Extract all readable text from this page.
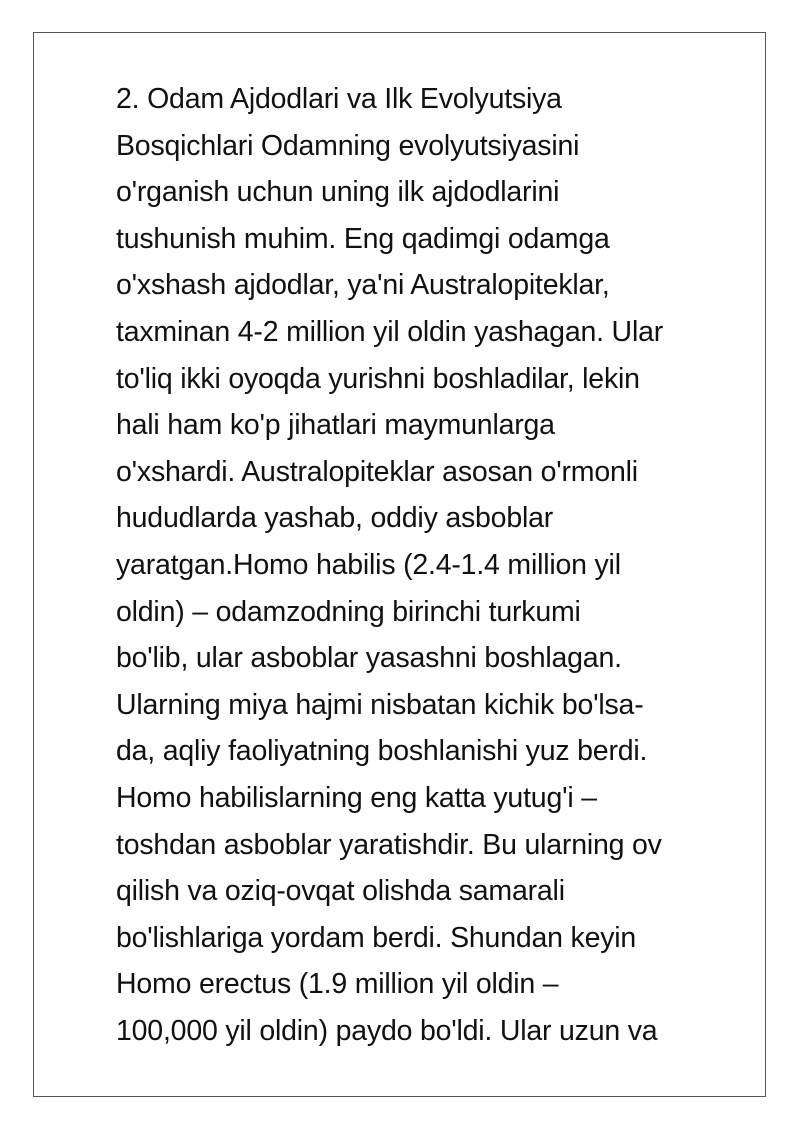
2. Odam Ajdodlari va Ilk Evolyutsiya
Bosqichlari Odamning evolyutsiyasini
o'rganish uchun uning ilk ajdodlarini
tushunish muhim. Eng qadimgi odamga
o'xshash ajdodlar, ya'ni Australopiteklar,
taxminan 4-2 million yil oldin yashagan. Ular
to'liq ikki oyoqda yurishni boshladilar, lekin
hali ham ko'p jihatlari maymunlarga
o'xshardi. Australopiteklar asosan o'rmonli
hududlarda yashab, oddiy asboblar
yaratgan.Homo habilis (2.4-1.4 million yil
oldin) – odamzodning birinchi turkumi
bo'lib, ular asboblar yasashni boshlagan.
Ularning miya hajmi nisbatan kichik bo'lsa-
da, aqliy faoliyatning boshlanishi yuz berdi.
Homo habilislarning eng katta yutug'i –
toshdan asboblar yaratishdir. Bu ularning ov
qilish va oziq-ovqat olishda samarali
bo'lishlariga yordam berdi. Shundan keyin
Homo erectus (1.9 million yil oldin –
100,000 yil oldin) paydo bo'ldi. Ular uzun va
